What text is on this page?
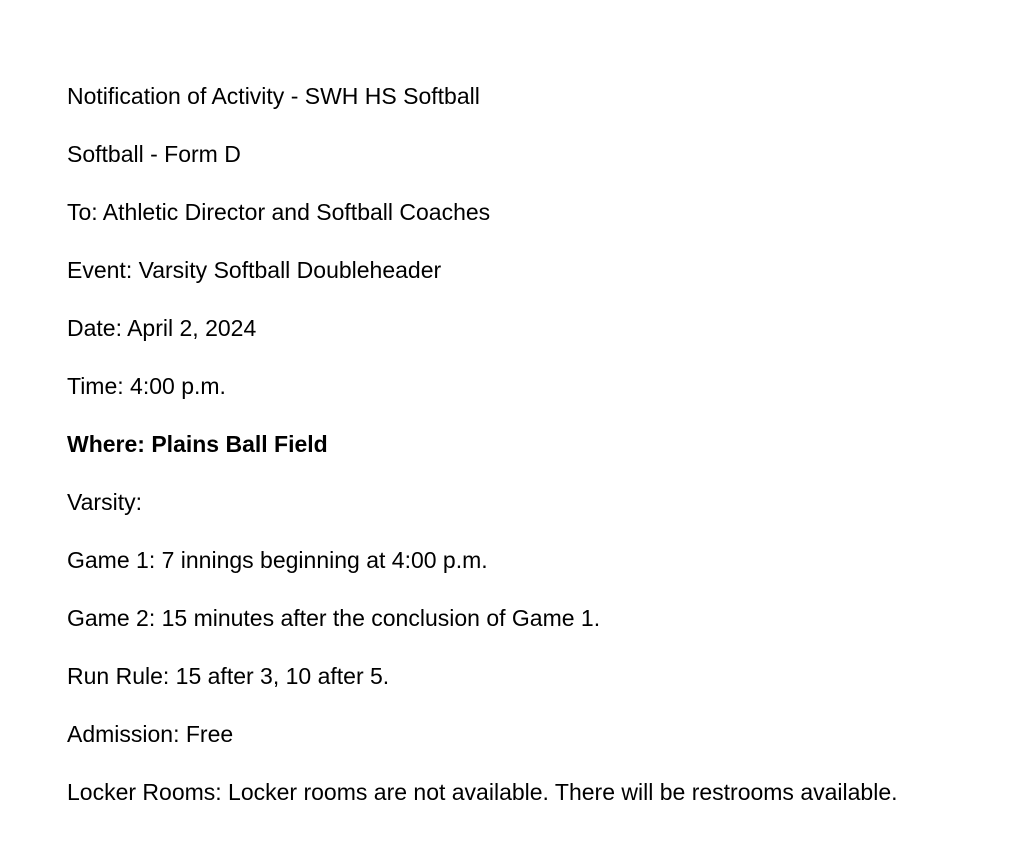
Notification of Activity - SWH HS Softball

Softball - Form D

To: Athletic Director and Softball Coaches

Event: Varsity Softball Doubleheader

Date: April 2, 2024

Time: 4:00 p.m.

Where: Plains Ball Field

Varsity:

Game 1: 7 innings beginning at 4:00 p.m.

Game 2: 15 minutes after the conclusion of Game 1.

Run Rule: 15 after 3, 10 after 5.

Admission: Free

Locker Rooms: Locker rooms are not available. There will be restrooms available.
